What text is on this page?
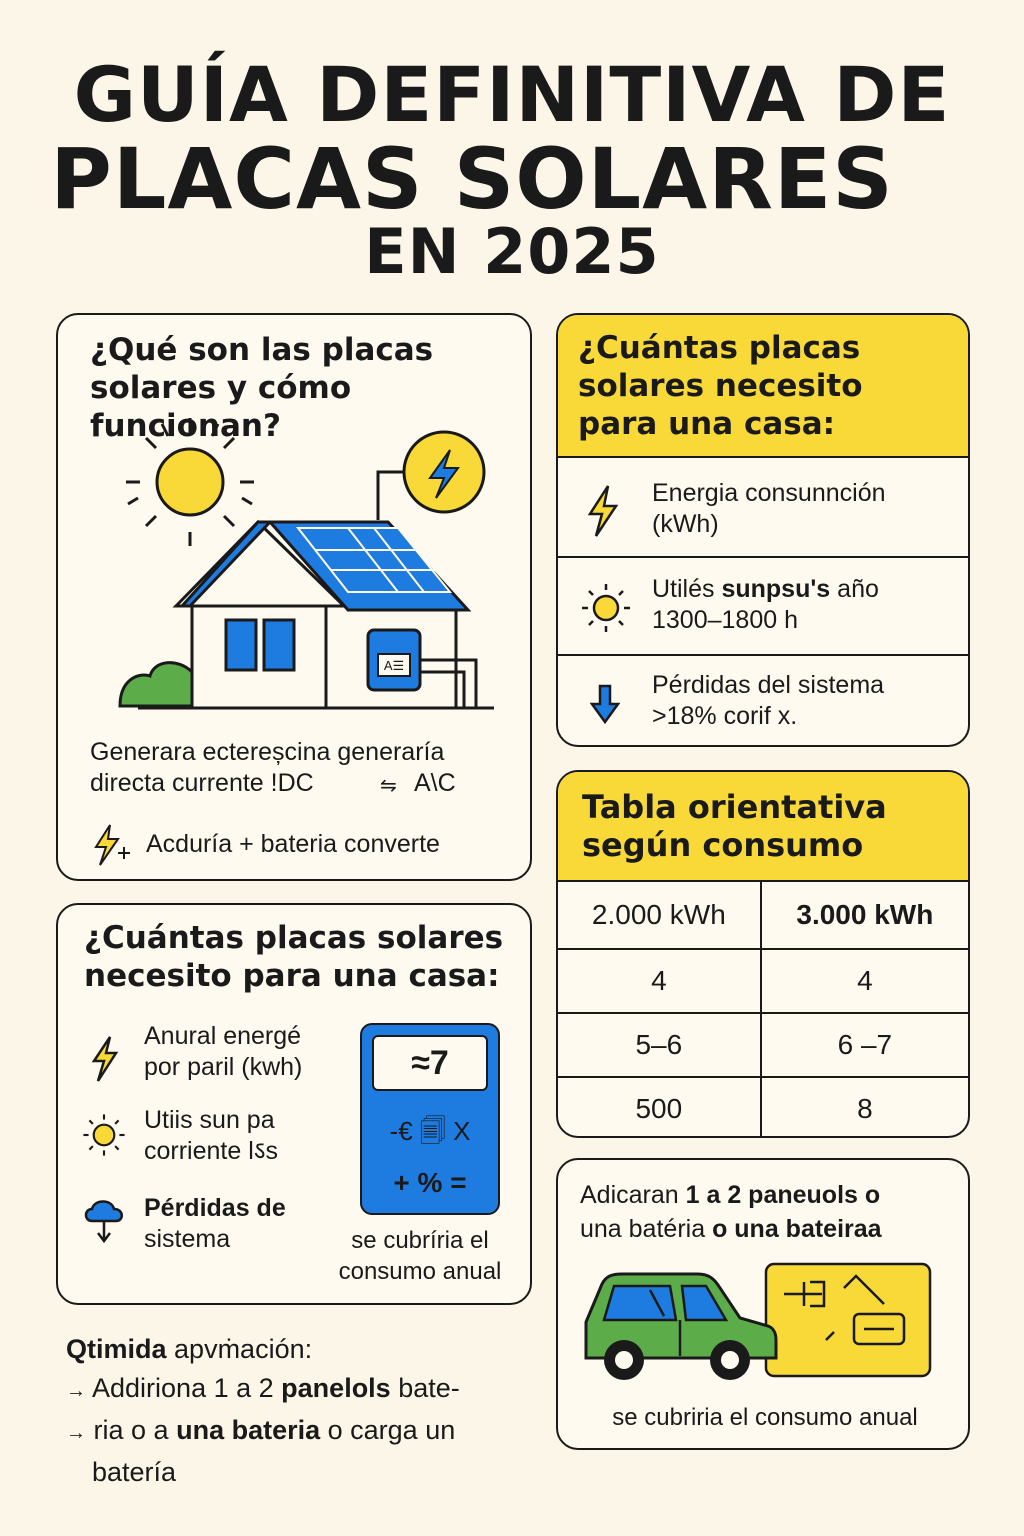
GUÍA DEFINITIVA DE
PLACAS SOLARES
EN 2025
¿Qué son las placas solares y cómo funcionan?
A☰
Generara ectereșcina generaría
directa currente !DC	⇋ A\C
Acduría + bateria converte
¿Cuántas placas solares necesito para una casa:
Energia consunnción (kWh)
Utilés sunpsu's año
1300–1800 h
Pérdidas del sistema >18% corif x.
¿Cuántas placas solares necesito para una casa:
Anural energé por paril (kwh)
Utiis sun pa corriente lऽs
Pérdidas de
sistema
≈7
-€ 🗐 X
+ % =
se cubríria el consumo anual
Tabla orientativa según consumo
2.000 kWh	3.000 kWh
4	4
5–6	6 –7
500	8
Adicaran 1 a 2 paneuols o
una batéria o una bateiraa
se cubriria el consumo anual
Qtimida apvṁación:
→ Addiriona 1 a 2 panelols bate-
→ ria o a una bateria o carga un
batería
